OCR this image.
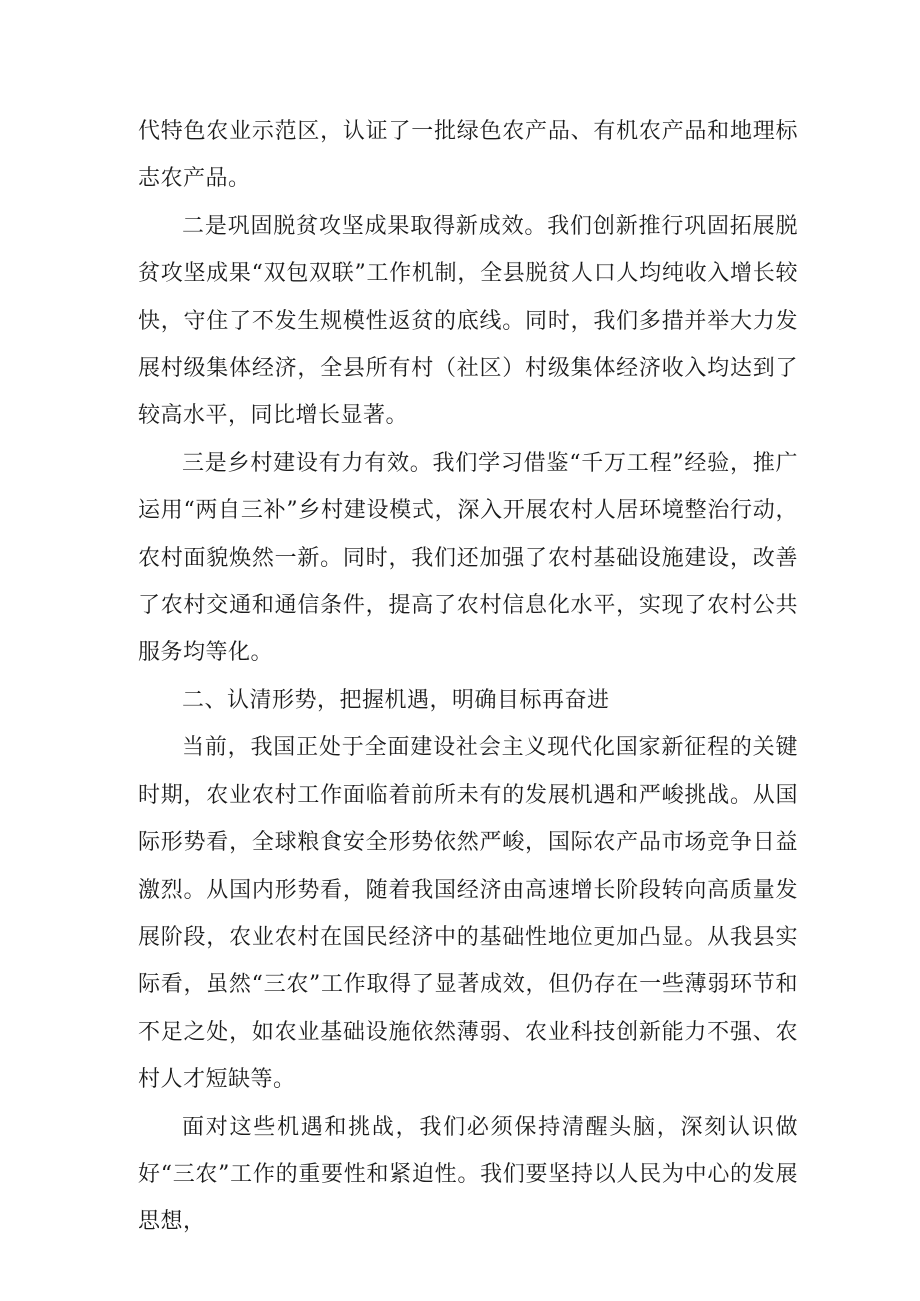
代特色农业示范区，认证了一批绿色农产品、有机农产品和地理标志农产品。

二是巩固脱贫攻坚成果取得新成效。我们创新推行巩固拓展脱贫攻坚成果“双包双联”工作机制，全县脱贫人口人均纯收入增长较快，守住了不发生规模性返贫的底线。同时，我们多措并举大力发展村级集体经济，全县所有村（社区）村级集体经济收入均达到了较高水平，同比增长显著。

三是乡村建设有力有效。我们学习借鉴“千万工程”经验，推广运用“两自三补”乡村建设模式，深入开展农村人居环境整治行动，农村面貌焕然一新。同时，我们还加强了农村基础设施建设，改善了农村交通和通信条件，提高了农村信息化水平，实现了农村公共服务均等化。

二、认清形势，把握机遇，明确目标再奋进

当前，我国正处于全面建设社会主义现代化国家新征程的关键时期，农业农村工作面临着前所未有的发展机遇和严峻挑战。从国际形势看，全球粮食安全形势依然严峻，国际农产品市场竞争日益激烈。从国内形势看，随着我国经济由高速增长阶段转向高质量发展阶段，农业农村在国民经济中的基础性地位更加凸显。从我县实际看，虽然“三农”工作取得了显著成效，但仍存在一些薄弱环节和不足之处，如农业基础设施依然薄弱、农业科技创新能力不强、农村人才短缺等。

面对这些机遇和挑战，我们必须保持清醒头脑，深刻认识做好“三农”工作的重要性和紧迫性。我们要坚持以人民为中心的发展思想，
